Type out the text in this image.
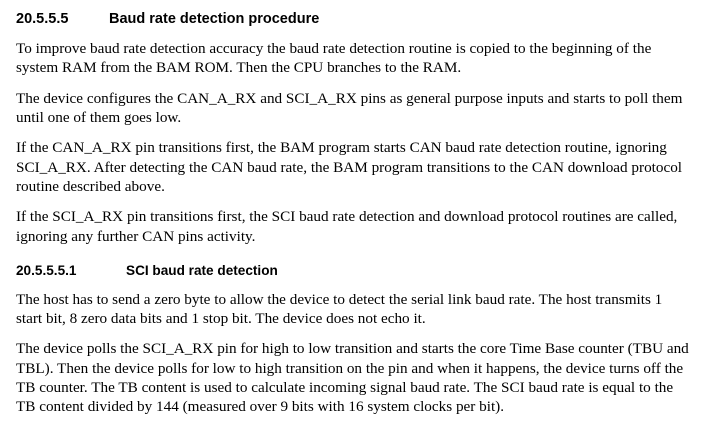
20.5.5.5	Baud rate detection procedure

To improve baud rate detection accuracy the baud rate detection routine is copied to the beginning of the system RAM from the BAM ROM. Then the CPU branches to the RAM.

The device configures the CAN_A_RX and SCI_A_RX pins as general purpose inputs and starts to poll them until one of them goes low.

If the CAN_A_RX pin transitions first, the BAM program starts CAN baud rate detection routine, ignoring SCI_A_RX. After detecting the CAN baud rate, the BAM program transitions to the CAN download protocol routine described above.

If the SCI_A_RX pin transitions first, the SCI baud rate detection and download protocol routines are called, ignoring any further CAN pins activity.

20.5.5.5.1	SCI baud rate detection

The host has to send a zero byte to allow the device to detect the serial link baud rate. The host transmits 1 start bit, 8 zero data bits and 1 stop bit. The device does not echo it.

The device polls the SCI_A_RX pin for high to low transition and starts the core Time Base counter (TBU and TBL). Then the device polls for low to high transition on the pin and when it happens, the device turns off the TB counter. The TB content is used to calculate incoming signal baud rate. The SCI baud rate is equal to the TB content divided by 144 (measured over 9 bits with 16 system clocks per bit).
